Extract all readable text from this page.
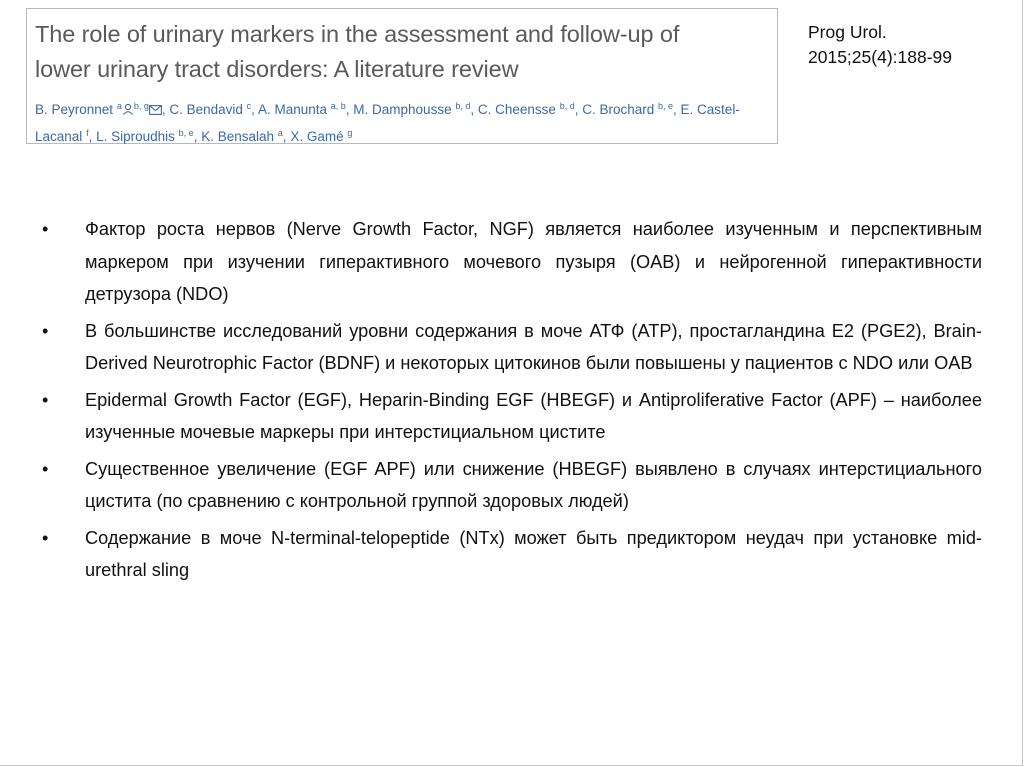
The role of urinary markers in the assessment and follow-up of
lower urinary tract disorders: A literature review
B. Peyronnet $^a$ $^{b, g}$ , C. Bendavid $^c$, A. Manunta $^{a, b}$, M. Damphousse $^{b, d}$, C. Cheensse $^{b, d}$, C. Brochard $^{b, e}$, E. Castel-Lacanal $^f$, L. Siproudhis $^{b, e}$, K. Bensalah $^a$, X. Gamé $^g$
Prog Urol.
2015;25(4):188-99
•	Фактор роста нервов (Nerve Growth Factor, NGF) является наиболее изученным и перспективным маркером при изучении гиперактивного мочевого пузыря (OAB) и нейрогенной гиперактивности детрузора (NDO)
•	В большинстве исследований уровни содержания в моче АТФ (ATP), простагландина E2 (PGE2), Brain-Derived Neurotrophic Factor (BDNF) и некоторых цитокинов были повышены у пациентов с NDO или OAB
•	Epidermal Growth Factor (EGF), Heparin-Binding EGF (HBEGF) и Antiproliferative Factor (APF) – наиболее изученные мочевые маркеры при интерстициальном цистите
•	Существенное увеличение (EGF APF) или снижение (HBEGF) выявлено в случаях интерстициального цистита (по сравнению с контрольной группой здоровых людей)
•	Содержание в моче N-terminal-telopeptide (NTx) может быть предиктором неудач при установке mid-urethral sling
